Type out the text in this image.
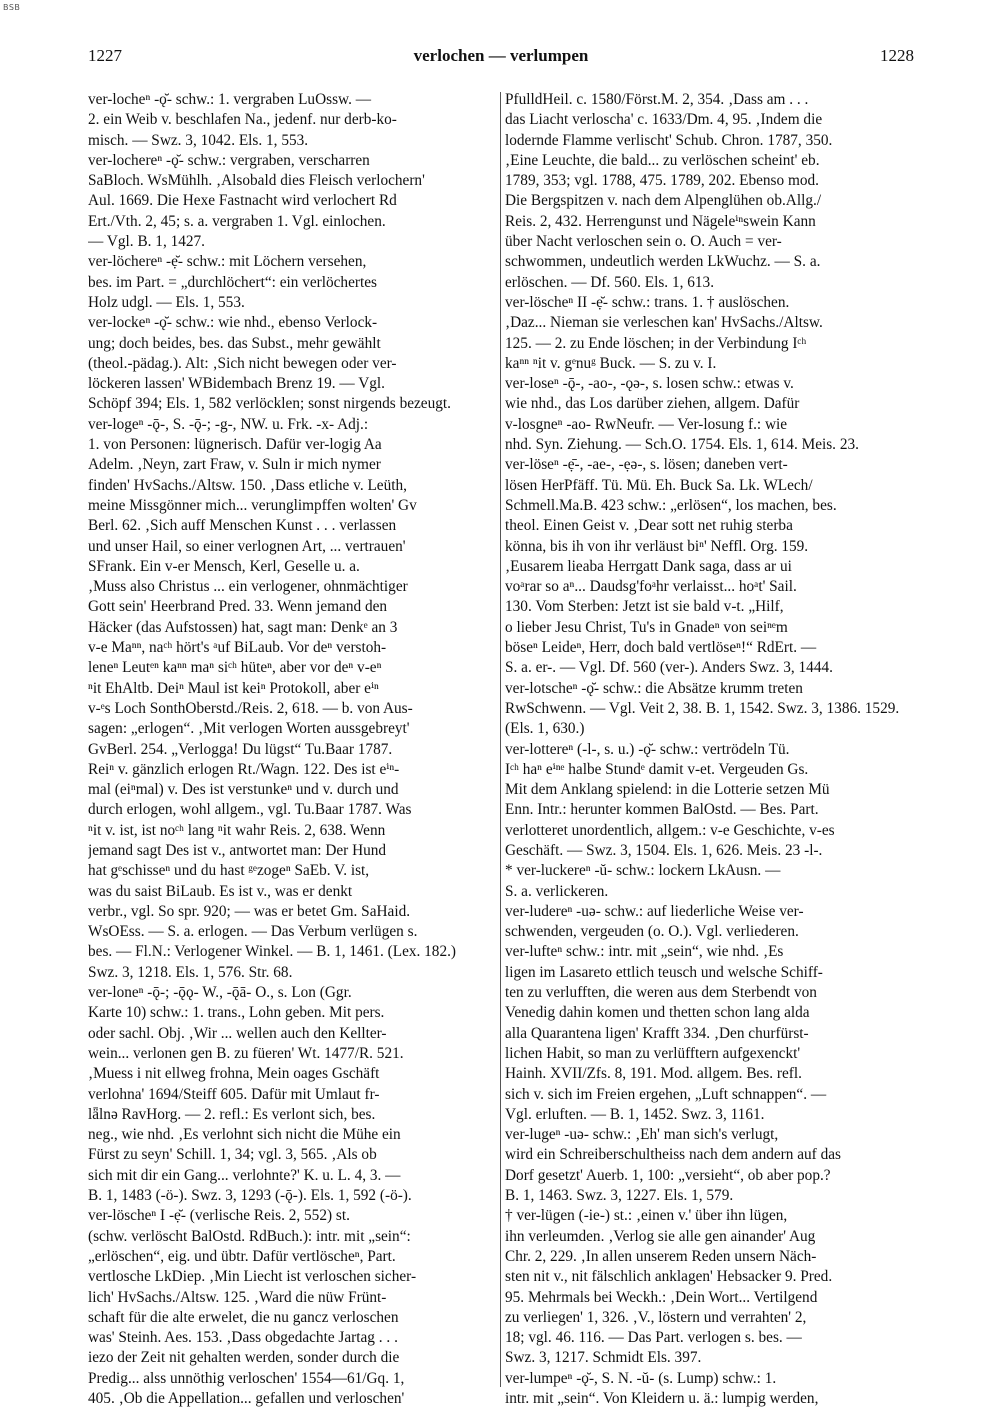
BSB
1227	verlochen — verlumpen	1228
ver-locheⁿ -ǫ̆- schw.: 1. vergraben LuOssw. —
2. ein Weib v. beschlafen Na., jedenf. nur derb-ko-
misch. — Swz. 3, 1042. Els. 1, 553.
ver-locherеⁿ -ǫ̆- schw.: vergraben, verscharren
SaBloch. WsMühlh. ‚Alsobald dies Fleisch verlochern'
Aul. 1669. Die Hexe Fastnacht wird verlochert Rd
Ert./Vth. 2, 45; s. a. vergraben 1. Vgl. einlochen.
— Vgl. B. 1, 1427.
ver-löcherеⁿ -ẹ̆- schw.: mit Löchern versehen,
bes. im Part. = „durchlöchert“: ein verlöchertes
Holz udgl. — Els. 1, 553.
ver-lockеⁿ -ǫ̆- schw.: wie nhd., ebenso Verlock-
ung; doch beides, bes. das Subst., mehr gewählt
(theol.-pädag.). Alt: ‚Sich nicht bewegen oder ver-
löckeren lassen' WBidembach Brenz 19. — Vgl.
Schöpf 394; Els. 1, 582 verlöcklen; sonst nirgends bezeugt.
ver-logеⁿ -ǭ-, S. -ǭ-; -g-, NW. u. Frk. -x- Adj.:
1. von Personen: lügnerisch. Dafür ver-logig Aa
Adelm. ‚Neyn, zart Fraw, v. Suln ir mich nymer
finden' HvSachs./Altsw. 150. ‚Dass etliche v. Leüth,
meine Missgönner mich... verunglimpffen wolten' Gv
Berl. 62. ‚Sich auff Menschen Kunst . . . verlassen
und unser Hail, so einer verlognen Art, ... vertrauen'
SFrank. Ein v-er Mensch, Kerl, Geselle u. a.
‚Muss also Christus ... ein verlogener, ohnmächtiger
Gott sein' Heerbrand Pred. 33. Wenn jemand den
Häcker (das Aufstossen) hat, sagt man: Denkᵉ an 3
v-e Maⁿⁿ, naᶜʰ hört's ᵃuf BiLaub. Vor deⁿ verstoh-
leneⁿ Leutᵉⁿ kaⁿⁿ maⁿ siᶜʰ hüteⁿ, aber vor deⁿ v-eⁿ
ⁿit EhAltb. Deiⁿ Maul ist keiⁿ Protokoll, aber eⁱⁿ
v-ᵉs Loch SonthOberstd./Reis. 2, 618. — b. von Aus-
sagen: „erlogen“. ‚Mit verlogen Worten aussgebreyt'
GvBerl. 254. „Verlogga! Du lügst“ Tu.Baar 1787.
Reiⁿ v. gänzlich erlogen Rt./Wagn. 122. Des ist eⁱⁿ-
mal (eiⁿmal) v. Des ist verstunkeⁿ und v. durch und
durch erlogen, wohl allgem., vgl. Tu.Baar 1787. Was
ⁿit v. ist, ist noᶜʰ lang ⁿit wahr Reis. 2, 638. Wenn
jemand sagt Des ist v., antwortet man: Der Hund
hat gᵉschisseⁿ und du hast ᵍᵉzogeⁿ SaEb. V. ist,
was du saist BiLaub. Es ist v., was er denkt
verbr., vgl. So spr. 920; — was er betet Gm. SaHaid.
WsOEss. — S. a. erlogen. — Das Verbum verlügen s.
bes. — Fl.N.: Verlogener Winkel. — B. 1, 1461. (Lex. 182.)
Swz. 3, 1218. Els. 1, 576. Str. 68.
ver-loneⁿ -ǭ-; -ǭǫ- W., -ǭā- O., s. Lon (Ggr.
Karte 10) schw.: 1. trans., Lohn geben. Mit pers.
oder sachl. Obj. ‚Wir ... wellen auch den Kellter-
wein... verlonen gen B. zu füeren' Wt. 1477/R. 521.
‚Muess i nit ellweg frohna, Mein oages Gschäft
verlohna' 1694/Steiff 605. Dafür mit Umlaut fr-
lǟlnə RavHorg. — 2. refl.: Es verlont sich, bes.
neg., wie nhd. ‚Es verlohnt sich nicht die Mühe ein
Fürst zu seyn' Schill. 1, 34; vgl. 3, 565. ‚Als ob
sich mit dir ein Gang... verlohnte?' K. u. L. 4, 3. —
B. 1, 1483 (-ö-). Swz. 3, 1293 (-ǭ-). Els. 1, 592 (-ö-).
ver-löscheⁿ I -ẹ̆- (verlische Reis. 2, 552) st.
(schw. verlöscht BalOstd. RdBuch.): intr. mit „sein“:
„erlöschen“, eig. und übtr. Dafür vertlöscheⁿ, Part.
vertlosche LkDiep. ‚Min Liecht ist verloschen sicher-
lich' HvSachs./Altsw. 125. ‚Ward die nüw Frünt-
schaft für die alte erwelet, die nu gancz verloschen
was' Steinh. Aes. 153. ‚Dass obgedachte Jartag . . .
iezo der Zeit nit gehalten werden, sonder durch die
Predig... alss unnöthig verloschen' 1554—61/Gq. 1,
405. ‚Ob die Appellation... gefallen und verloschen'
PfulldHeil. c. 1580/Först.M. 2, 354. ‚Dass am . . .
das Liacht verloscha' c. 1633/Dm. 4, 95. ‚Indem die
lodernde Flamme verlischt' Schub. Chron. 1787, 350.
‚Eine Leuchte, die bald... zu verlöschen scheint' eb.
1789, 353; vgl. 1788, 475. 1789, 202. Ebenso mod.
Die Bergspitzen v. nach dem Alpenglühen ob.Allg./
Reis. 2, 432. Herrengunst und Nägeleⁱⁿswein Kann
über Nacht verloschen sein o. O. Auch = ver-
schwommen, undeutlich werden LkWuchz. — S. a.
erlöschen. — Df. 560. Els. 1, 613.
ver-löscheⁿ II -ẹ̆- schw.: trans. 1. † auslöschen.
‚Daz... Nieman sie verleschen kan' HvSachs./Altsw.
125. — 2. zu Ende löschen; in der Verbindung Iᶜʰ
kaⁿⁿ ⁿit v. gᵉnuᵍ Buck. — S. zu v. I.
ver-loseⁿ -ǭ-, -ao-, -ǫə-, s. losen schw.: etwas v.
wie nhd., das Los darüber ziehen, allgem. Dafür
v-losgneⁿ -ao- RwNeufr. — Ver-losung f.: wie
nhd. Syn. Ziehung. — Sch.O. 1754. Els. 1, 614. Meis. 23.
ver-löseⁿ -ẹ̄-, -ae-, -ẹə-, s. lösen; daneben vert-
lösen HerPfäff. Tü. Mü. Eh. Buck Sa. Lk. WLech/
Schmell.Ma.B. 423 schw.: „erlösen“, los machen, bes.
theol. Einen Geist v. ‚Dear sott net ruhig sterba
könna, bis ih von ihr verläust biⁿ' Neffl. Org. 159.
‚Eusarem lieaba Herrgatt Dank saga, dass ar ui
voᵃrar so aⁿ... Daudsg'foᵃhr verlaisst... hoᵃt' Sail.
130. Vom Sterben: Jetzt ist sie bald v-t. „Hilf,
o lieber Jesu Christ, Tu's in Gnadeⁿ von seiⁿᵉm
böseⁿ Leideⁿ, Herr, doch bald vertlöseⁿ!“ RdErt. —
S. a. er-. — Vgl. Df. 560 (ver-). Anders Swz. 3, 1444.
ver-lotscheⁿ -ǫ̆- schw.: die Absätze krumm treten
RwSchwenn. — Vgl. Veit 2, 38. B. 1, 1542. Swz. 3, 1386. 1529.
(Els. 1, 630.)
ver-lotterеⁿ (-l-, s. u.) -ǫ̆- schw.: vertrödeln Tü.
Iᶜʰ haⁿ eⁱⁿᵉ halbe Stundᵉ damit v-et. Vergeuden Gs.
Mit dem Anklang spielend: in die Lotterie setzen Mü
Enn. Intr.: herunter kommen BalOstd. — Bes. Part.
verlotteret unordentlich, allgem.: v-e Geschichte, v-es
Geschäft. — Swz. 3, 1504. Els. 1, 626. Meis. 23 -l-.
* ver-luckerеⁿ -ŭ- schw.: lockern LkAusn. —
S. a. verlickeren.
ver-luderеⁿ -uə- schw.: auf liederliche Weise ver-
schwenden, vergeuden (o. O.). Vgl. verliederen.
ver-lufteⁿ schw.: intr. mit „sein“, wie nhd. ‚Es
ligen im Lasareto ettlich teusch und welsche Schiff-
ten zu verlufften, die weren aus dem Sterbendt von
Venedig dahin komen und thetten schon lang alda
alla Quarantena ligen' Krafft 334. ‚Den churfürst-
lichen Habit, so man zu verlüfftern aufgeхenckt'
Hainh. XVII/Zfs. 8, 191. Mod. allgem. Bes. refl.
sich v. sich im Freien ergehen, „Luft schnappen“. —
Vgl. erluften. — B. 1, 1452. Swz. 3, 1161.
ver-lugeⁿ -uə- schw.: ‚Eh' man sich's verlugt,
wird ein Schreiberschultheiss nach dem andern auf das
Dorf gesetzt' Auerb. 1, 100: „versieht“, ob aber pop.?
B. 1, 1463. Swz. 3, 1227. Els. 1, 579.
† ver-lügen (-ie-) st.: ‚einen v.' über ihn lügen,
ihn verleumden. ‚Verlog sie alle gen ainander' Aug
Chr. 2, 229. ‚In allen unserem Reden unsern Näch-
sten nit v., nit fälschlich anklagen' Hebsacker 9. Pred.
95. Mehrmals bei Weckh.: ‚Dein Wort... Vertilgend
zu verliegen' 1, 326. ‚V., löstern und verrahten' 2,
18; vgl. 46. 116. — Das Part. verlogen s. bes. —
Swz. 3, 1217. Schmidt Els. 397.
ver-lumpeⁿ -ǫ̆-, S. N. -ŭ- (s. Lump) schw.: 1.
intr. mit „sein“. Von Kleidern u. ä.: lumpig werden,
